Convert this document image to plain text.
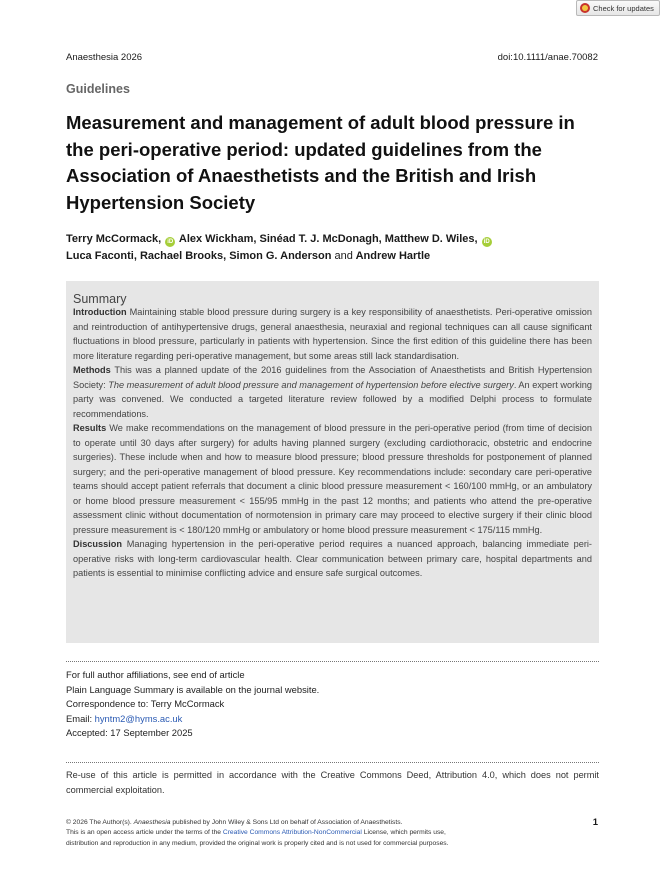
Check for updates
Anaesthesia 2026	doi:10.1111/anae.70082
Guidelines
Measurement and management of adult blood pressure in the peri-operative period: updated guidelines from the Association of Anaesthetists and the British and Irish Hypertension Society
Terry McCormack, iD Alex Wickham, Sinéad T. J. McDonagh, Matthew D. Wiles, iD
Luca Faconti, Rachael Brooks, Simon G. Anderson and Andrew Hartle
Summary

Introduction Maintaining stable blood pressure during surgery is a key responsibility of anaesthetists. Peri-operative omission and reintroduction of antihypertensive drugs, general anaesthesia, neuraxial and regional techniques can all cause significant fluctuations in blood pressure, particularly in patients with hypertension. Since the first edition of this guideline there has been more literature regarding peri-operative management, but some areas still lack standardisation.

Methods This was a planned update of the 2016 guidelines from the Association of Anaesthetists and British Hypertension Society: The measurement of adult blood pressure and management of hypertension before elective surgery. An expert working party was convened. We conducted a targeted literature review followed by a modified Delphi process to formulate recommendations.

Results We make recommendations on the management of blood pressure in the peri-operative period (from time of decision to operate until 30 days after surgery) for adults having planned surgery (excluding cardiothoracic, obstetric and endocrine surgeries). These include when and how to measure blood pressure; blood pressure thresholds for postponement of planned surgery; and the peri-operative management of blood pressure. Key recommendations include: secondary care peri-operative teams should accept patient referrals that document a clinic blood pressure measurement < 160/100 mmHg, or an ambulatory or home blood pressure measurement < 155/95 mmHg in the past 12 months; and patients who attend the pre-operative assessment clinic without documentation of normotension in primary care may proceed to elective surgery if their clinic blood pressure measurement is < 180/120 mmHg or ambulatory or home blood pressure measurement < 175/115 mmHg.

Discussion Managing hypertension in the peri-operative period requires a nuanced approach, balancing immediate peri-operative risks with long-term cardiovascular health. Clear communication between primary care, hospital departments and patients is essential to minimise conflicting advice and ensure safe surgical outcomes.

For full author affiliations, see end of article
Plain Language Summary is available on the journal website.
Correspondence to: Terry McCormack
Email: hyntm2@hyms.ac.uk
Accepted: 17 September 2025
Re-use of this article is permitted in accordance with the Creative Commons Deed, Attribution 4.0, which does not permit commercial exploitation.
© 2026 The Author(s). Anaesthesia published by John Wiley & Sons Ltd on behalf of Association of Anaesthetists.
This is an open access article under the terms of the Creative Commons Attribution-NonCommercial License, which permits use,
distribution and reproduction in any medium, provided the original work is properly cited and is not used for commercial purposes.
1
